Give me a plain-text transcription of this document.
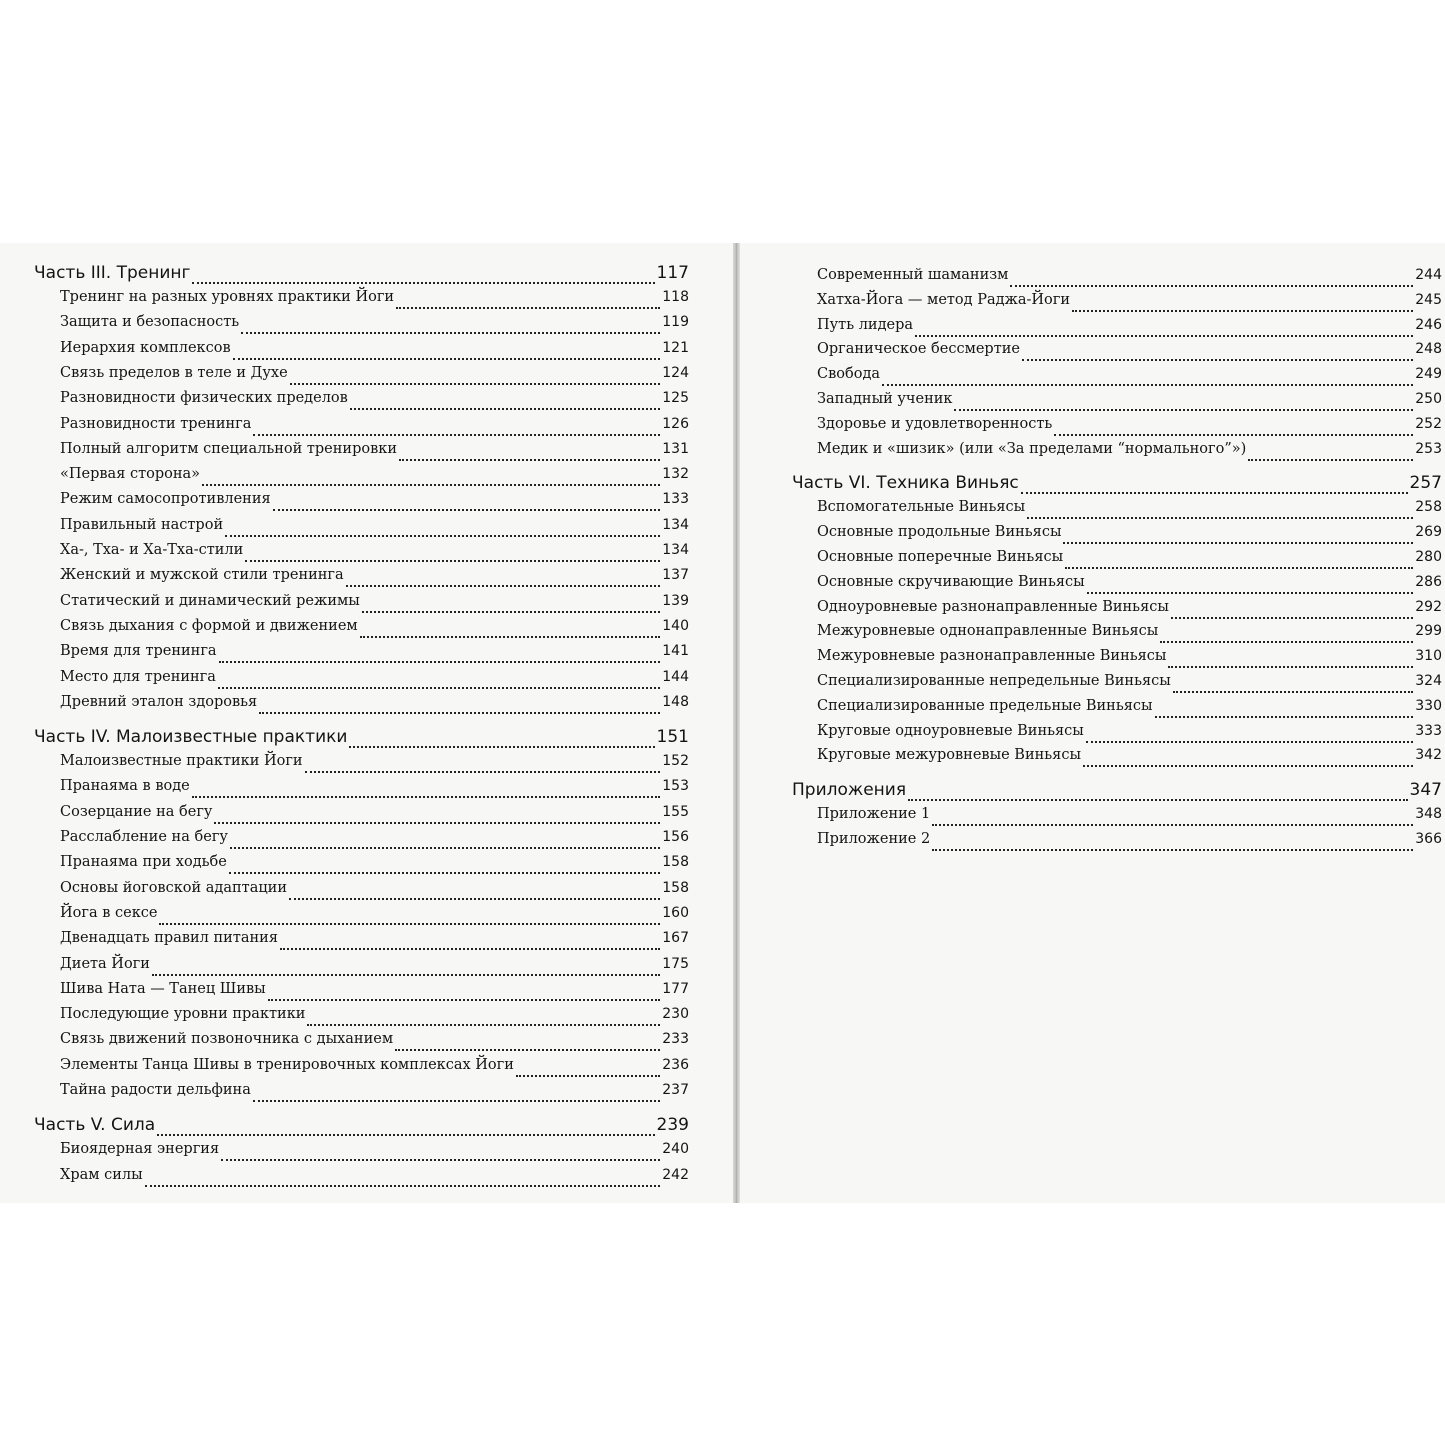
Часть III. Тренинг	117
Тренинг на разных уровнях практики Йоги	118
Защита и безопасность	119
Иерархия комплексов	121
Связь пределов в теле и Духе	124
Разновидности физических пределов	125
Разновидности тренинга	126
Полный алгоритм специальной тренировки	131
«Первая сторона»	132
Режим самосопротивления	133
Правильный настрой	134
Ха-, Тха- и Ха-Тха-стили	134
Женский и мужской стили тренинга	137
Статический и динамический режимы	139
Связь дыхания с формой и движением	140
Время для тренинга	141
Место для тренинга	144
Древний эталон здоровья	148
Часть IV. Малоизвестные практики	151
Малоизвестные практики Йоги	152
Пранаяма в воде	153
Созерцание на бегу	155
Расслабление на бегу	156
Пранаяма при ходьбе	158
Основы йоговской адаптации	158
Йога в сексе	160
Двенадцать правил питания	167
Диета Йоги	175
Шива Ната — Танец Шивы	177
Последующие уровни практики	230
Связь движений позвоночника с дыханием	233
Элементы Танца Шивы в тренировочных комплексах Йоги	236
Тайна радости дельфина	237
Часть V. Сила	239
Биоядерная энергия	240
Храм силы	242
Современный шаманизм	244
Хатха-Йога — метод Раджа-Йоги	245
Путь лидера	246
Органическое бессмертие	248
Свобода	249
Западный ученик	250
Здоровье и удовлетворенность	252
Медик и «шизик» (или «За пределами “нормального”»)	253
Часть VI. Техника Виньяс	257
Вспомогательные Виньясы	258
Основные продольные Виньясы	269
Основные поперечные Виньясы	280
Основные скручивающие Виньясы	286
Одноуровневые разнонаправленные Виньясы	292
Межуровневые однонаправленные Виньясы	299
Межуровневые разнонаправленные Виньясы	310
Специализированные непредельные Виньясы	324
Специализированные предельные Виньясы	330
Круговые одноуровневые Виньясы	333
Круговые межуровневые Виньясы	342
Приложения	347
Приложение 1	348
Приложение 2	366
